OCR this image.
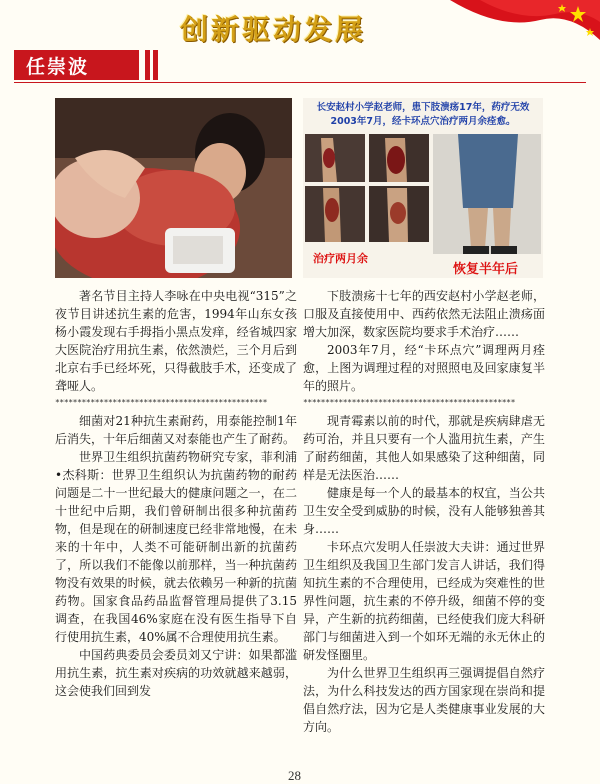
创新驱动发展
任崇波
长安赵村小学赵老师，患下肢溃疡17年，药疗无效2003年7月，经卡环点穴治疗两月余痊愈。
治疗两月余
恢复半年后

著名节目主持人李咏在中央电视“315”之夜节目讲述抗生素的危害，1994年山东女孩杨小霞发现右手拇指小黑点发痒，经省城四家大医院治疗用抗生素，依然溃烂，三个月后到北京右手已经坏死，只得截肢手术，还变成了聋哑人。

************************************************

细菌对21种抗生素耐药，用泰能控制1年后消失，十年后细菌又对泰能也产生了耐药。

世界卫生组织抗菌药物研究专家，菲利浦•杰科斯：世界卫生组织认为抗菌药物的耐药问题是二十一世纪最大的健康问题之一，在二十世纪中后期，我们曾研制出很多种抗菌药物，但是现在的研制速度已经非常地慢，在未来的十年中，人类不可能研制出新的抗菌药了，所以我们不能像以前那样，当一种抗菌药物没有效果的时候，就去依赖另一种新的抗菌药物。国家食品药品监督管理局提供了3.15调查，在我国46%家庭在没有医生指导下自行使用抗生素，40%属不合理使用抗生素。

中国药典委员会委员刘又宁讲：如果都滥用抗生素，抗生素对疾病的功效就越来越弱，这会使我们回到发

下肢溃疡十七年的西安赵村小学赵老师，口服及直接使用中、西药依然无法阻止溃疡面增大加深，数家医院均要求手术治疗……

2003年7月，经“卡环点穴”调理两月痊愈，上图为调理过程的对照照电及回家康复半年的照片。

************************************************

现青霉素以前的时代，那就是疾病肆虐无药可治，并且只要有一个人滥用抗生素，产生了耐药细菌，其他人如果感染了这种细菌，同样是无法医治……

健康是每一个人的最基本的权宜，当公共卫生安全受到威胁的时候，没有人能够独善其身……

卡环点穴发明人任崇波大夫讲：通过世界卫生组织及我国卫生部门发言人讲话，我们得知抗生素的不合理使用，已经成为突难性的世界性问题，抗生素的不停升级，细菌不停的变异，产生新的抗药细菌，已经使我们庞大科研部门与细菌进入到一个如环无端的永无休止的研发怪圈里。

为什么世界卫生组织再三强调提倡自然疗法，为什么科技发达的西方国家现在崇尚和提倡自然疗法，因为它是人类健康事业发展的大方向。

28
